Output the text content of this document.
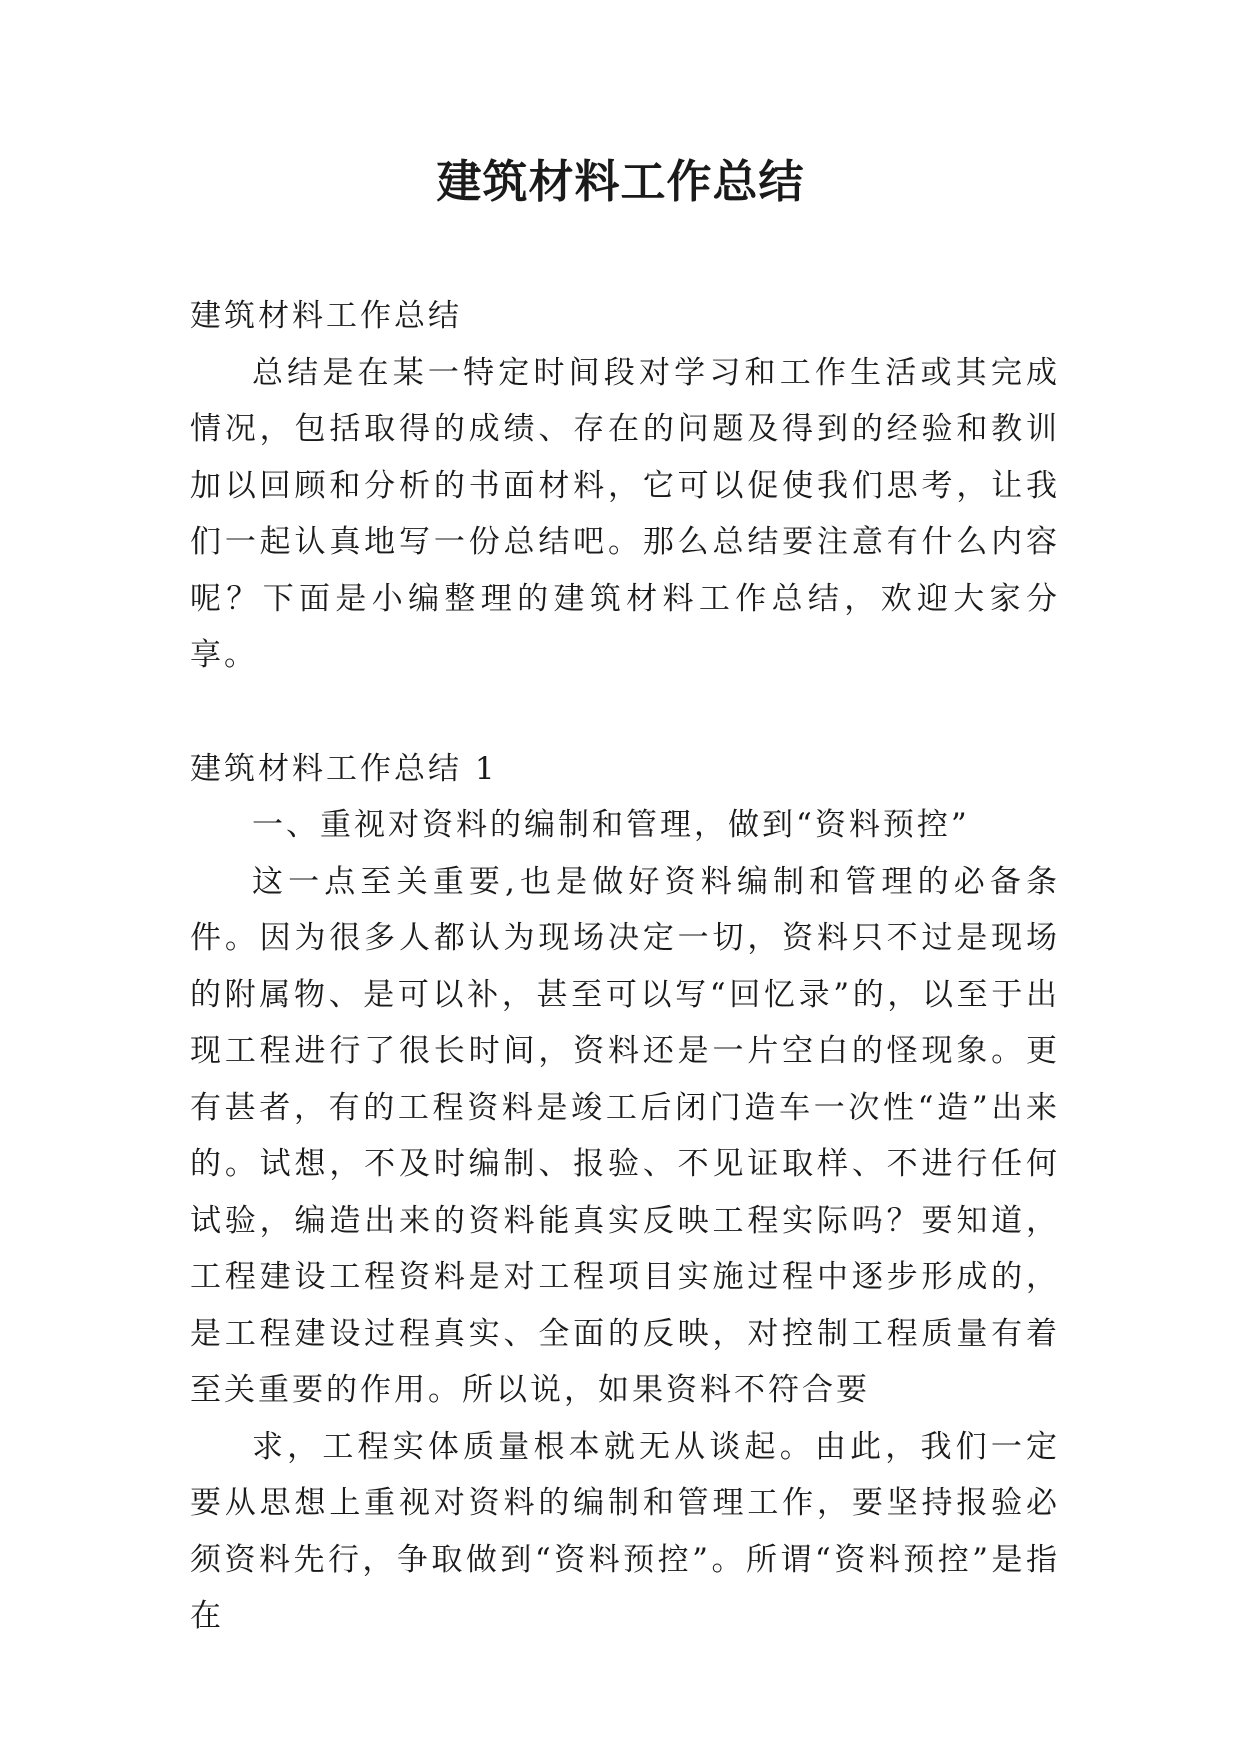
建筑材料工作总结

建筑材料工作总结

总结是在某一特定时间段对学习和工作生活或其完成情况，包括取得的成绩、存在的问题及得到的经验和教训加以回顾和分析的书面材料，它可以促使我们思考，让我们一起认真地写一份总结吧。那么总结要注意有什么内容呢？下面是小编整理的建筑材料工作总结，欢迎大家分享。

建筑材料工作总结 1

一、重视对资料的编制和管理，做到“资料预控”

这一点至关重要,也是做好资料编制和管理的必备条件。因为很多人都认为现场决定一切，资料只不过是现场的附属物、是可以补，甚至可以写“回忆录”的，以至于出现工程进行了很长时间，资料还是一片空白的怪现象。更有甚者，有的工程资料是竣工后闭门造车一次性“造”出来的。试想，不及时编制、报验、不见证取样、不进行任何试验，编造出来的资料能真实反映工程实际吗？要知道，工程建设工程资料是对工程项目实施过程中逐步形成的，是工程建设过程真实、全面的反映，对控制工程质量有着至关重要的作用。所以说，如果资料不符合要

求，工程实体质量根本就无从谈起。由此，我们一定要从思想上重视对资料的编制和管理工作，要坚持报验必须资料先行，争取做到“资料预控”。所谓“资料预控”是指在
